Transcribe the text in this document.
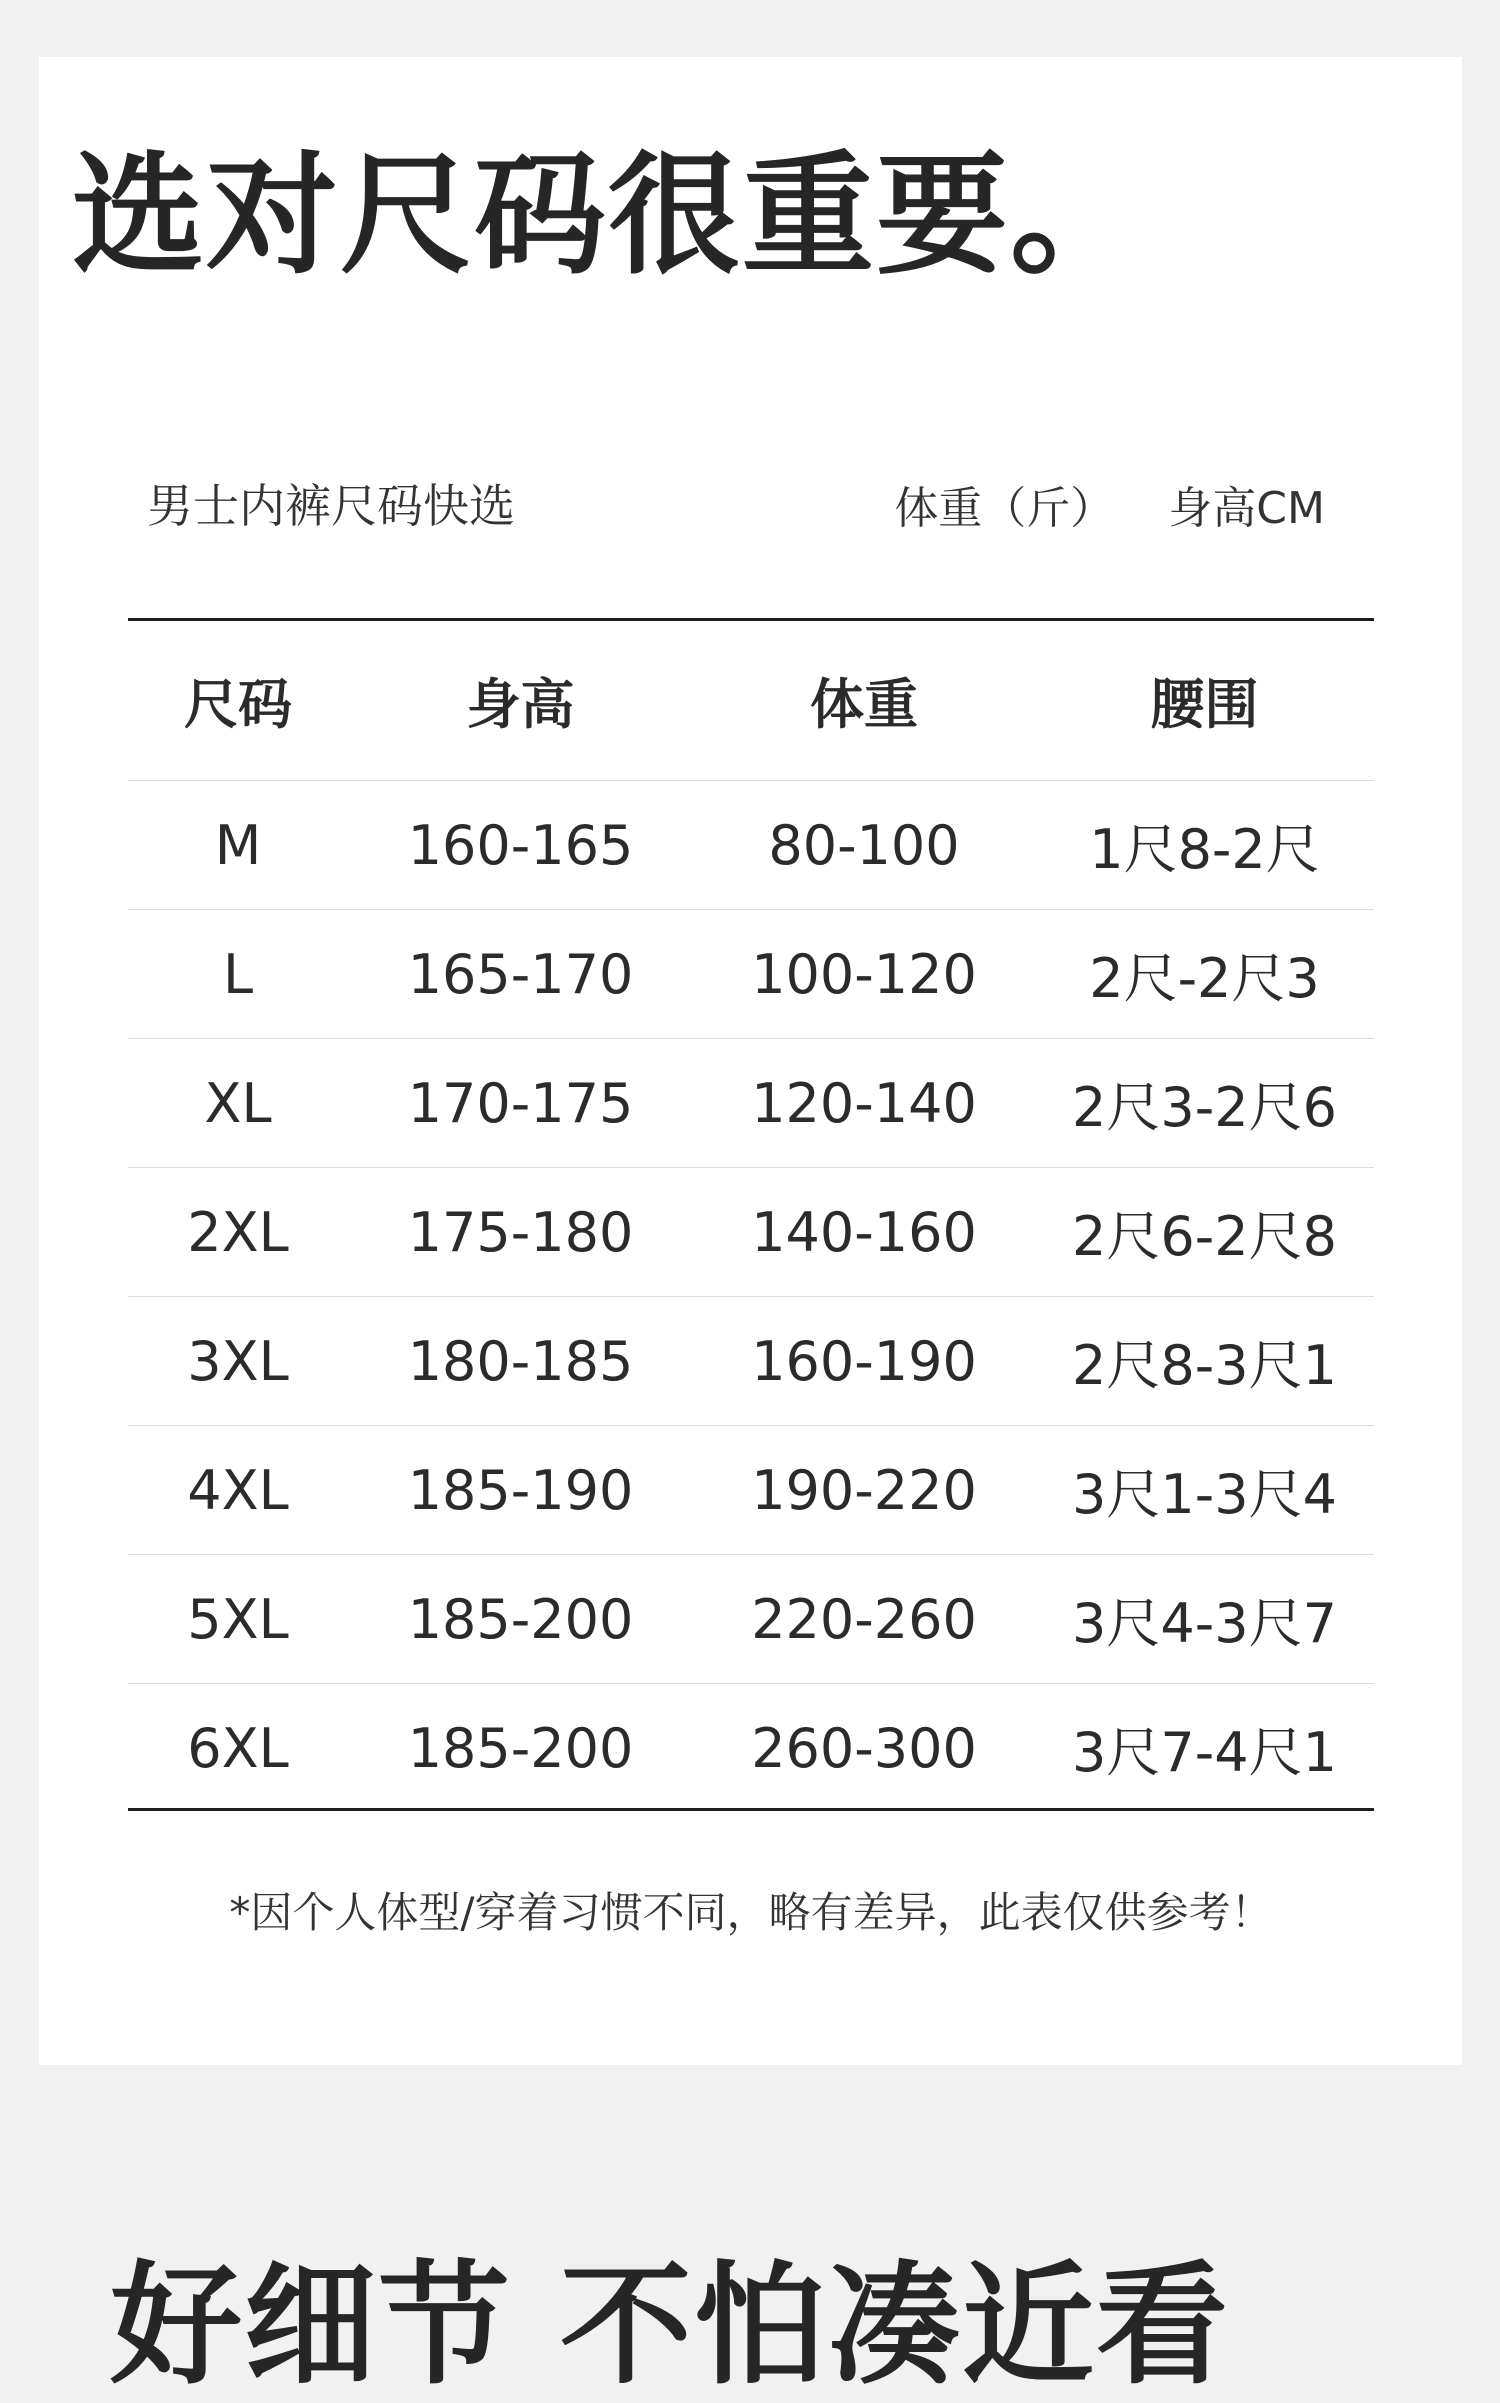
选对尺码很重要。
男士内裤尺码快选	体重（斤） 身高CM
尺码	身高	体重	腰围
M	160-165	80-100	1尺8-2尺
L	165-170	100-120	2尺-2尺3
XL	170-175	120-140	2尺3-2尺6
2XL	175-180	140-160	2尺6-2尺8
3XL	180-185	160-190	2尺8-3尺1
4XL	185-190	190-220	3尺1-3尺4
5XL	185-200	220-260	3尺4-3尺7
6XL	185-200	260-300	3尺7-4尺1
*因个人体型/穿着习惯不同，略有差异，此表仅供参考！
好细节 不怕凑近看
